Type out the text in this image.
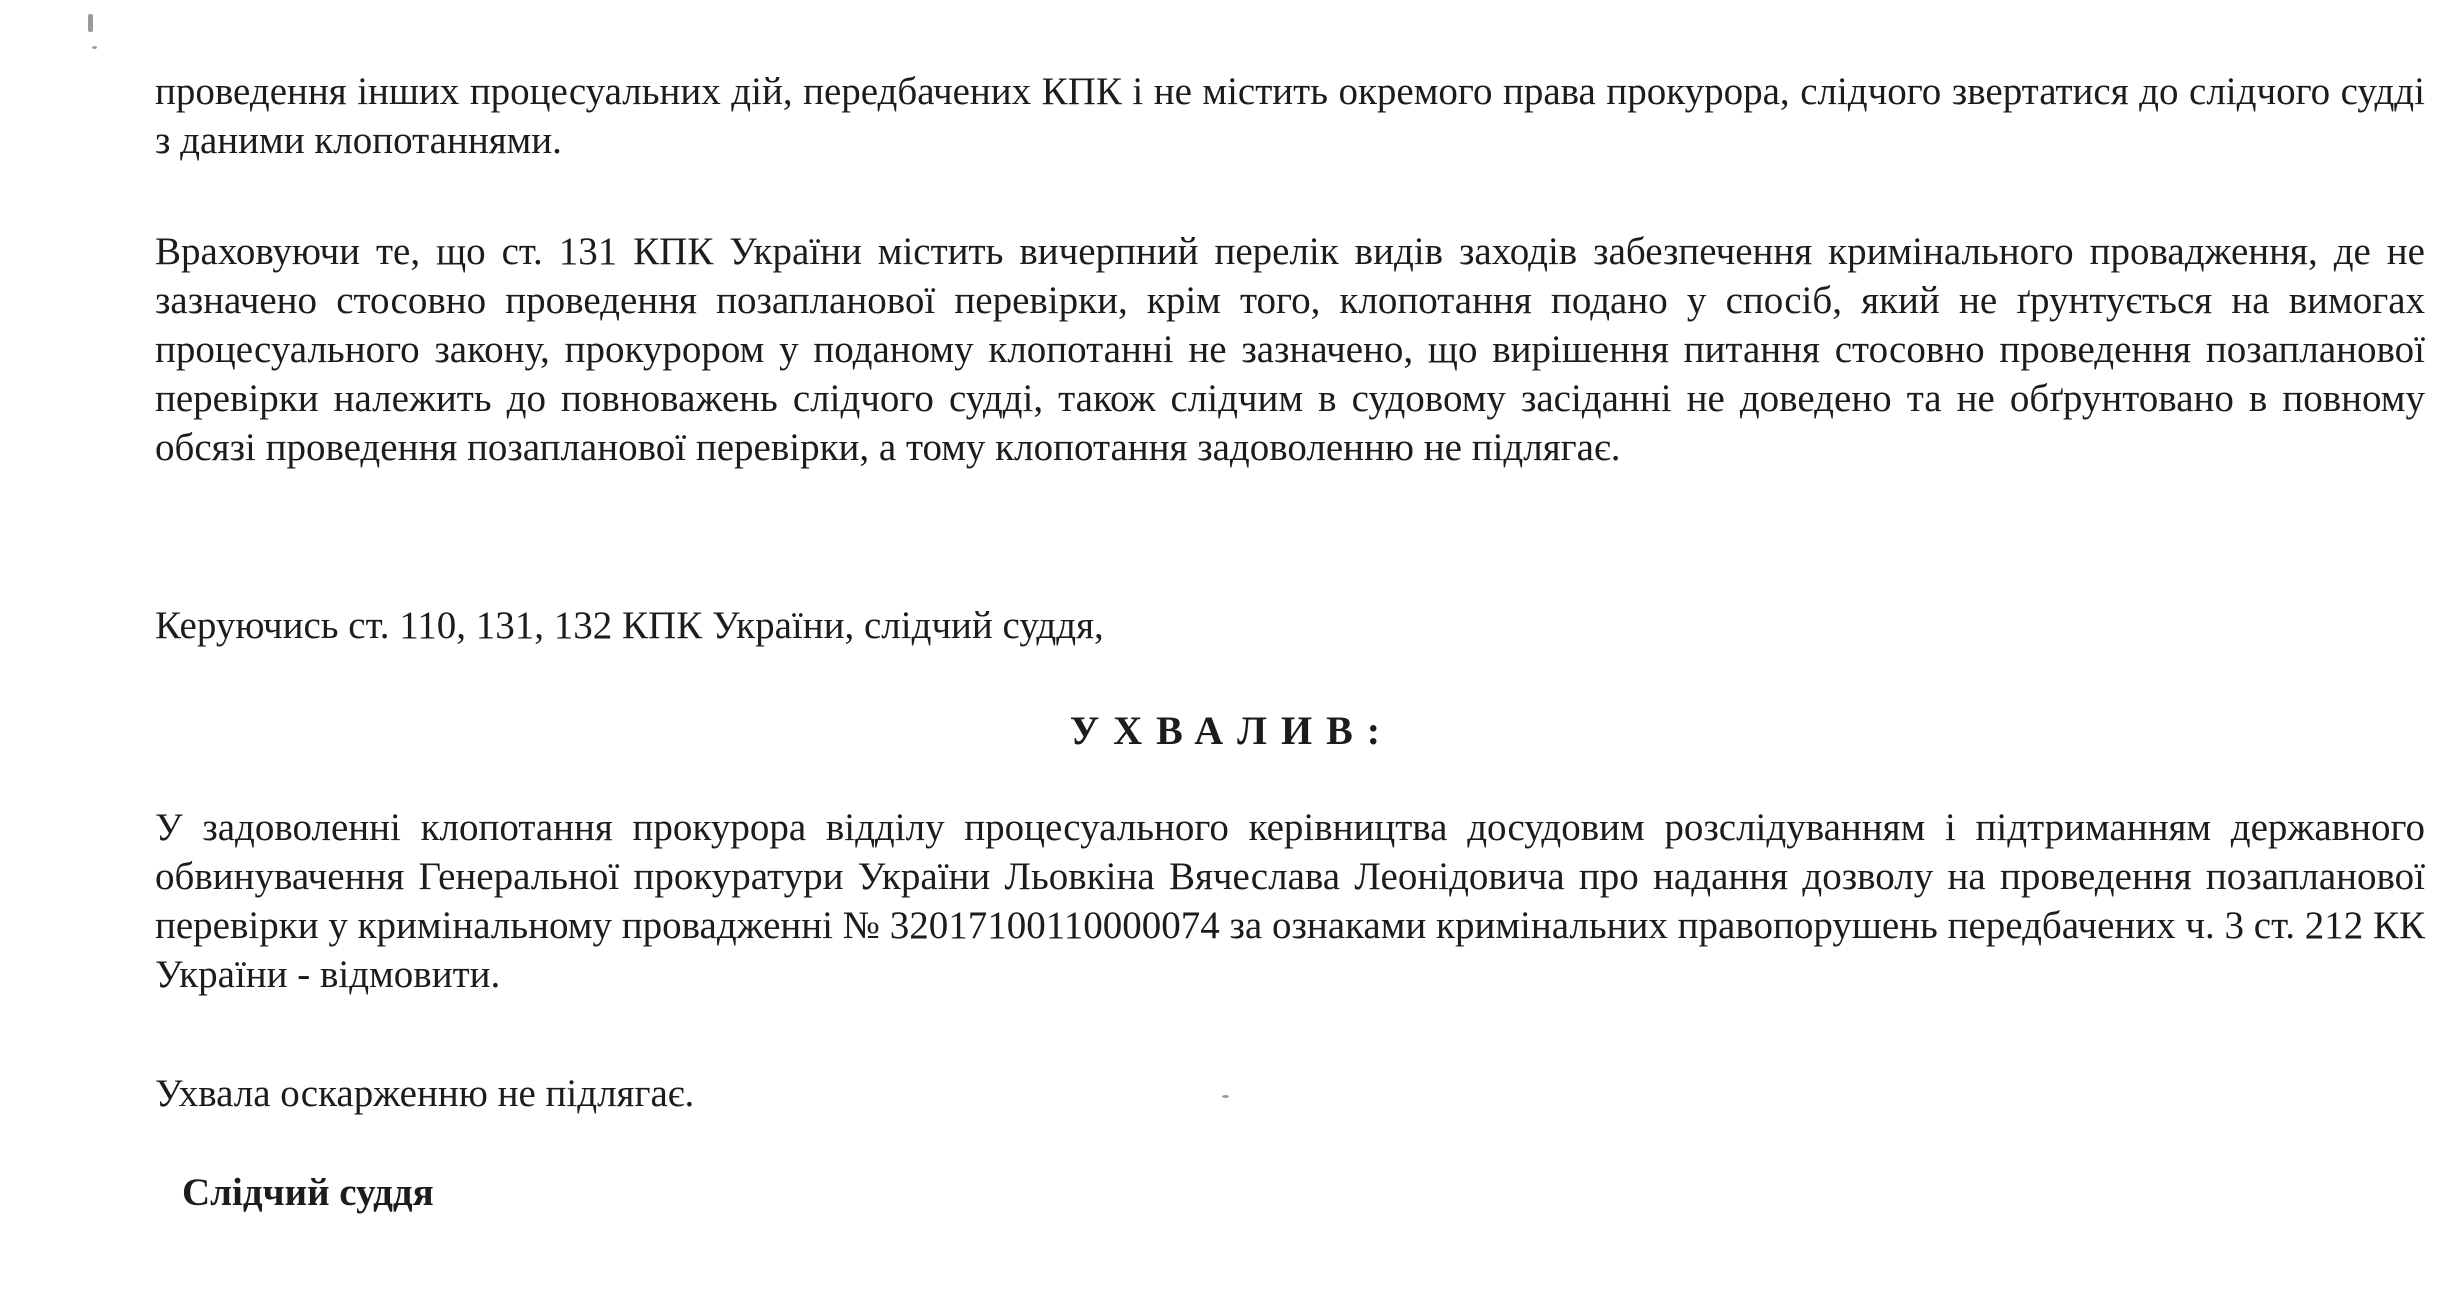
проведення інших процесуальних дій, передбачених КПК і не містить окремого права прокурора, слідчого звертатися до слідчого судді з даними клопотаннями.

Враховуючи те, що ст. 131 КПК України містить вичерпний перелік видів заходів забезпечення кримінального провадження, де не зазначено стосовно проведення позапланової перевірки, крім того, клопотання подано у спосіб, який не ґрунтується на вимогах процесуального закону, прокурором у поданому клопотанні не зазначено, що вирішення питання стосовно проведення позапланової перевірки належить до повноважень слідчого судді, також слідчим в судовому засіданні не доведено та не обґрунтовано в повному обсязі проведення позапланової перевірки, а тому клопотання задоволенню не підлягає.

Керуючись ст. 110, 131, 132 КПК України, слідчий суддя,

УХВАЛИВ:

У задоволенні клопотання прокурора відділу процесуального керівництва досудовим розслідуванням і підтриманням державного обвинувачення Генеральної прокуратури України Льовкіна Вячеслава Леонідовича про надання дозволу на проведення позапланової перевірки у кримінальному провадженні № 32017100110000074 за ознаками кримінальних правопорушень передбачених ч. 3 ст. 212 КК України - відмовити.

Ухвала оскарженню не підлягає.

Слідчий суддя
